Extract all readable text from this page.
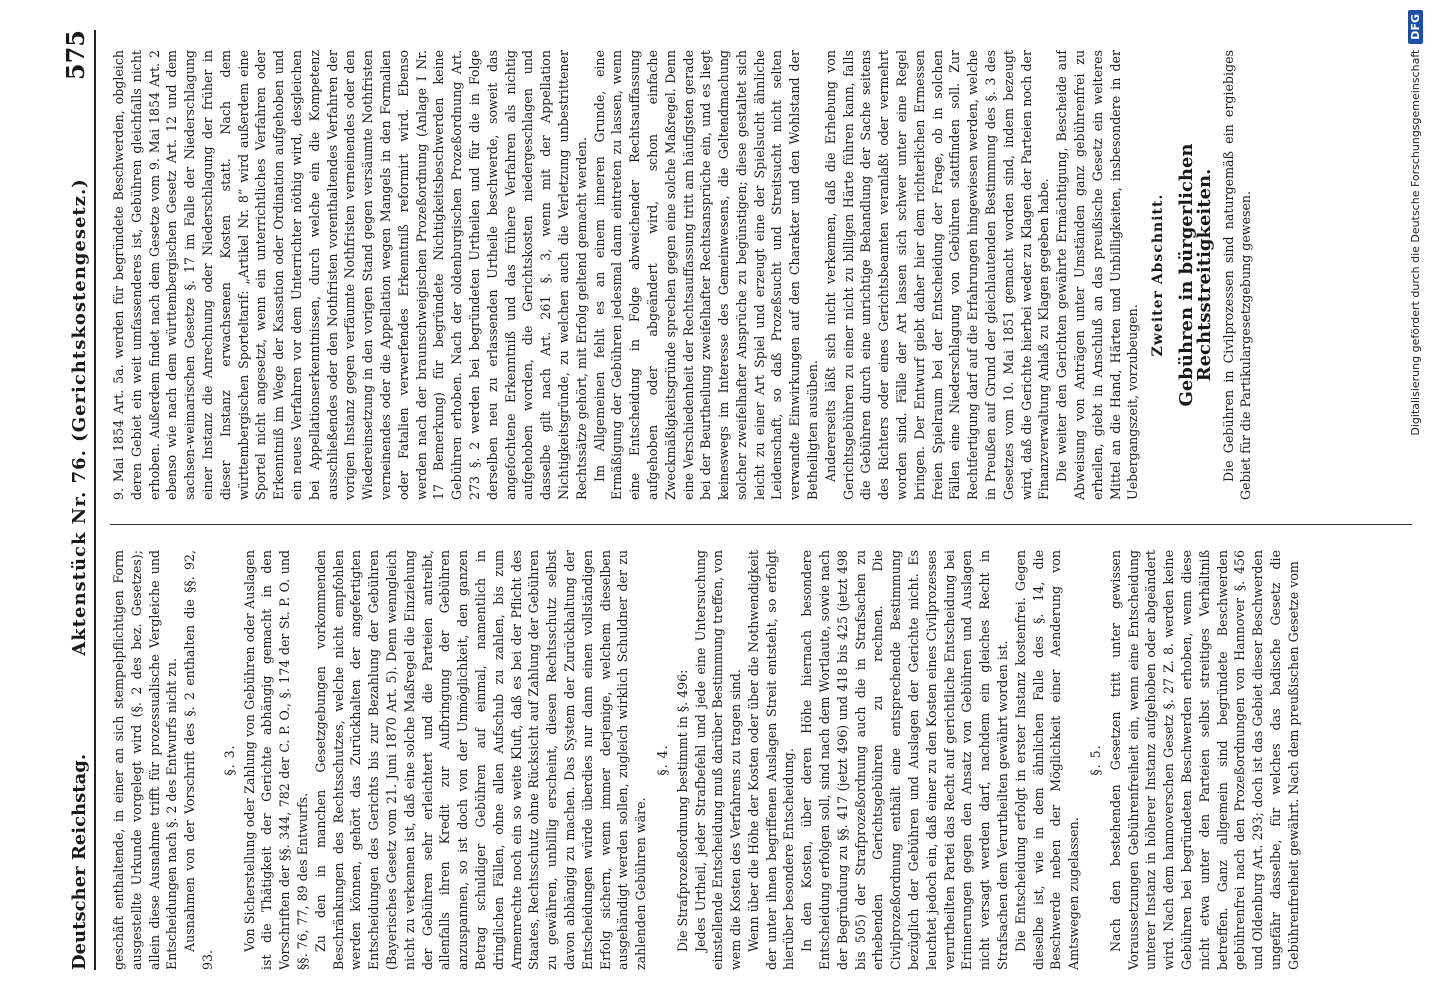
Deutscher Reichstag.
Aktenstück Nr. 76. (Gerichtskostengesetz.)
575

geschäft enthaltende, in einer an sich stempelpflichtigen Form ausgestellte Urkunde vorgelegt wird (§. 2 des bez. Gesetzes); allein diese Ausnahme trifft für prozessualische Vergleiche und Entscheidungen nach §. 2 des Entwurfs nicht zu. Ausnahmen von der Vorschrift des §. 2 enthalten die §§. 92, 93.

§. 3. Von Sicherstellung oder Zahlung von Gebühren oder Auslagen ist die Thätigkeit der Gerichte abhängig gemacht in den Vorschriften der §§. 344, 782 der C. P. O., §. 174 der St. P. O. und §§. 76, 77, 89 des Entwurfs. Zu den in manchen Gesetzgebungen vorkommenden Beschränkungen des Rechtsschutzes, welche nicht empfohlen werden können, gehört das Zurückhalten der angefertigten Entscheidungen des Gerichts bis zur Bezahlung der Gebühren (Bayerisches Gesetz vom 21. Juni 1870 Art. 5). Denn wenngleich nicht zu verkennen ist, daß eine solche Maßregel die Einziehung der Gebühren sehr erleichtert und die Parteien antreibt, allenfalls ihren Kredit zur Aufbringung der Gebühren anzuspannen, so ist doch von der Unmöglichkeit, den ganzen Betrag schuldiger Gebühren auf einmal, namentlich in dringlichen Fällen, ohne allen Aufschub zu zahlen, bis zum Armenrechte noch ein so weite Kluft, daß es bei der Pflicht des Staates, Rechtsschutz ohne Rücksicht auf Zahlung der Gebühren zu gewähren, unbillig erscheint, diesen Rechtsschutz selbst davon abhängig zu machen. Das System der Zurückhaltung der Entscheidungen würde überdies nur dann einen vollständigen Erfolg sichern, wenn immer derjenige, welchem dieselben ausgehändigt werden sollen, zugleich wirklich Schuldner der zu zahlenden Gebühren wäre.

§. 4. Die Strafprozeßordnung bestimmt in §. 496: Jedes Urtheil, jeder Strafbefehl und jede eine Untersuchung einstellende Entscheidung muß darüber Bestimmung treffen, von wem die Kosten des Verfahrens zu tragen sind. Wenn über die Höhe der Kosten oder über die Nothwendigkeit der unter ihnen begriffenen Auslagen Streit entsteht, so erfolgt hierüber besondere Entscheidung. In den Kosten, über deren Höhe hiernach besondere Entscheidung erfolgen soll, sind nach dem Wortlaute, sowie nach der Begründung zu §§. 417 (jetzt 496) und 418 bis 425 (jetzt 498 bis 505) der Strafprozeßordnung auch die in Strafsachen zu erhebenden Gerichtsgebühren zu rechnen. Die Civilprozeßordnung enthält eine entsprechende Bestimmung bezüglich der Gebühren und Auslagen der Gerichte nicht. Es leuchtet jedoch ein, daß einer zu den Kosten eines Civilprozesses verurtheilten Partei das Recht auf gerichtliche Entscheidung bei Erinnerungen gegen den Ansatz von Gebühren und Auslagen nicht versagt werden darf, nachdem ein gleiches Recht in Strafsachen dem Verurtheilten gewährt worden ist. Die Entscheidung erfolgt in erster Instanz kostenfrei. Gegen dieselbe ist, wie in dem ähnlichen Falle des §. 14, die Beschwerde neben der Möglichkeit einer Aenderung von Amtswegen zugelassen.

§. 5. Nach den bestehenden Gesetzen tritt unter gewissen Voraussetzungen Gebührenfreiheit ein, wenn eine Entscheidung unterer Instanz in höherer Instanz aufgehoben oder abgeändert wird. Nach dem hannoverschen Gesetz §. 27 Z. 8. werden keine Gebühren bei begründeten Beschwerden erhoben, wenn diese nicht etwa unter den Parteien selbst streitiges Verhältniß betreffen. Ganz allgemein sind begründete Beschwerden gebührenfrei nach den Prozeßordnungen von Hannover §. 456 und Oldenburg Art. 293; doch ist das Gebiet dieser Beschwerden ungefähr dasselbe, für welches das badische Gesetz die Gebührenfreiheit gewährt. Nach dem preußischen Gesetze vom

9. Mai 1854 Art. 5a. werden für begründete Beschwerden, obgleich deren Gebiet ein weit umfassenderes ist, Gebühren gleichfalls nicht erhoben. Außerdem findet nach dem Gesetze vom 9. Mai 1854 Art. 2 ebenso wie nach dem württembergischen Gesetz Art. 12 und dem sachsen-weimarischen Gesetze §. 17 im Falle der Niederschlagung einer Instanz die Anrechnung oder Niederschlagung der früher in dieser Instanz erwachsenen Kosten statt. Nach dem württembergischen Sporteltarif: „Artikel Nr. 8“ wird außerdem eine Sportel nicht angesetzt, wenn ein unterrichtliches Verfahren oder Erkenntniß im Wege der Kassation oder Ordination aufgehoben und ein neues Verfahren vor dem Unterrichter nöthig wird, desgleichen bei Appellationserkenntnissen, durch welche ein die Kompetenz ausschließendes oder den Nothfristen vorenthaltendes Verfahren der vorigen Instanz gegen verfäumte Nothfristen verneinendes oder den Wiedereinsetzung in den vorigen Stand gegen versäumte Nothfristen verneinendes oder die Appellation wegen Mangels in den Formalien oder Fatalien verwerfendes Erkenntniß reformirt wird. Ebenso werden nach der braunschweigischen Prozeßordnung (Anlage I Nr. 17 Bemerkung) für begründete Nichtigkeitsbeschwerden keine Gebühren erhoben. Nach der oldenburgischen Prozeßordnung Art. 273 §. 2 werden bei begründeten Urtheilen und für die in Folge derselben neu zu erlassenden Urtheile beschwerde, soweit das angefochtene Erkenntniß und das frühere Verfahren als nichtig aufgehoben worden, die Gerichtskosten niedergeschlagen und dasselbe gilt nach Art. 261 §. 3, wenn mit der Appellation Nichtigkeitsgründe, zu welchen auch die Verletzung unbestrittener Rechtssätze gehört, mit Erfolg geltend gemacht werden. Im Allgemeinen fehlt es an einem inneren Grunde, eine Ermäßigung der Gebühren jedesmal dann eintreten zu lassen, wenn eine Entscheidung in Folge abweichender Rechtsauffassung aufgehoben oder abgeändert wird, schon einfache Zweckmäßigkeitsgründe sprechen gegen eine solche Maßregel. Denn eine Verschiedenheit der Rechtsauffassung tritt am häufigsten gerade bei der Beurtheilung zweifelhafter Rechtsansprüche ein, und es liegt keineswegs im Interesse des Gemeinwesens, die Geltendmachung solcher zweifelhafter Ansprüche zu begünstigen; diese gestaltet sich leicht zu einer Art Spiel und erzeugt eine der Spielsucht ähnliche Leidenschaft, so daß Prozeßsucht und Streitsucht nicht selten verwandte Einwirkungen auf den Charakter und den Wohlstand der Betheiligten ausüben. Andererseits läßt sich nicht verkennen, daß die Erhebung von Gerichtsgebühren zu einer nicht zu billigen Härte führen kann, falls die Gebühren durch eine unrichtige Behandlung der Sache seitens des Richters oder eines Gerichtsbeamten veranlaßt oder vermehrt worden sind. Fälle der Art lassen sich schwer unter eine Regel bringen. Der Entwurf giebt daher hier dem richterlichen Ermessen freien Spielraum bei der Entscheidung der Frage, ob in solchen Fällen eine Niederschlagung von Gebühren stattfinden soll. Zur Rechtfertigung darf auf die Erfahrungen hingewiesen werden, welche in Preußen auf Grund der gleichlautenden Bestimmung des §. 3 des Gesetzes vom 10. Mai 1851 gemacht worden sind, indem bezeugt wird, daß die Gerichte hierbei weder zu Klagen der Parteien noch der Finanzverwaltung Anlaß zu Klagen gegeben habe. Die weiter den Gerichten gewährte Ermächtigung, Bescheide auf Abweisung von Anträgen unter Umständen ganz gebührenfrei zu erheilen, giebt in Anschluß an das preußische Gesetz ein weiteres Mittel an die Hand, Härten und Unbilligkeiten, insbesondere in der Uebergangszeit, vorzubeugen.

Zweiter Abschnitt. Gebühren in bürgerlichen Rechtsstreitigkeiten. Die Gebühren in Civilprozessen sind naturgemäß ein ergiebiges Gebiet für die Partikulargesetzgebung gewesen.	Digitalisierung gefördert durch die Deutsche Forschungsgemeinschaft
DFG
